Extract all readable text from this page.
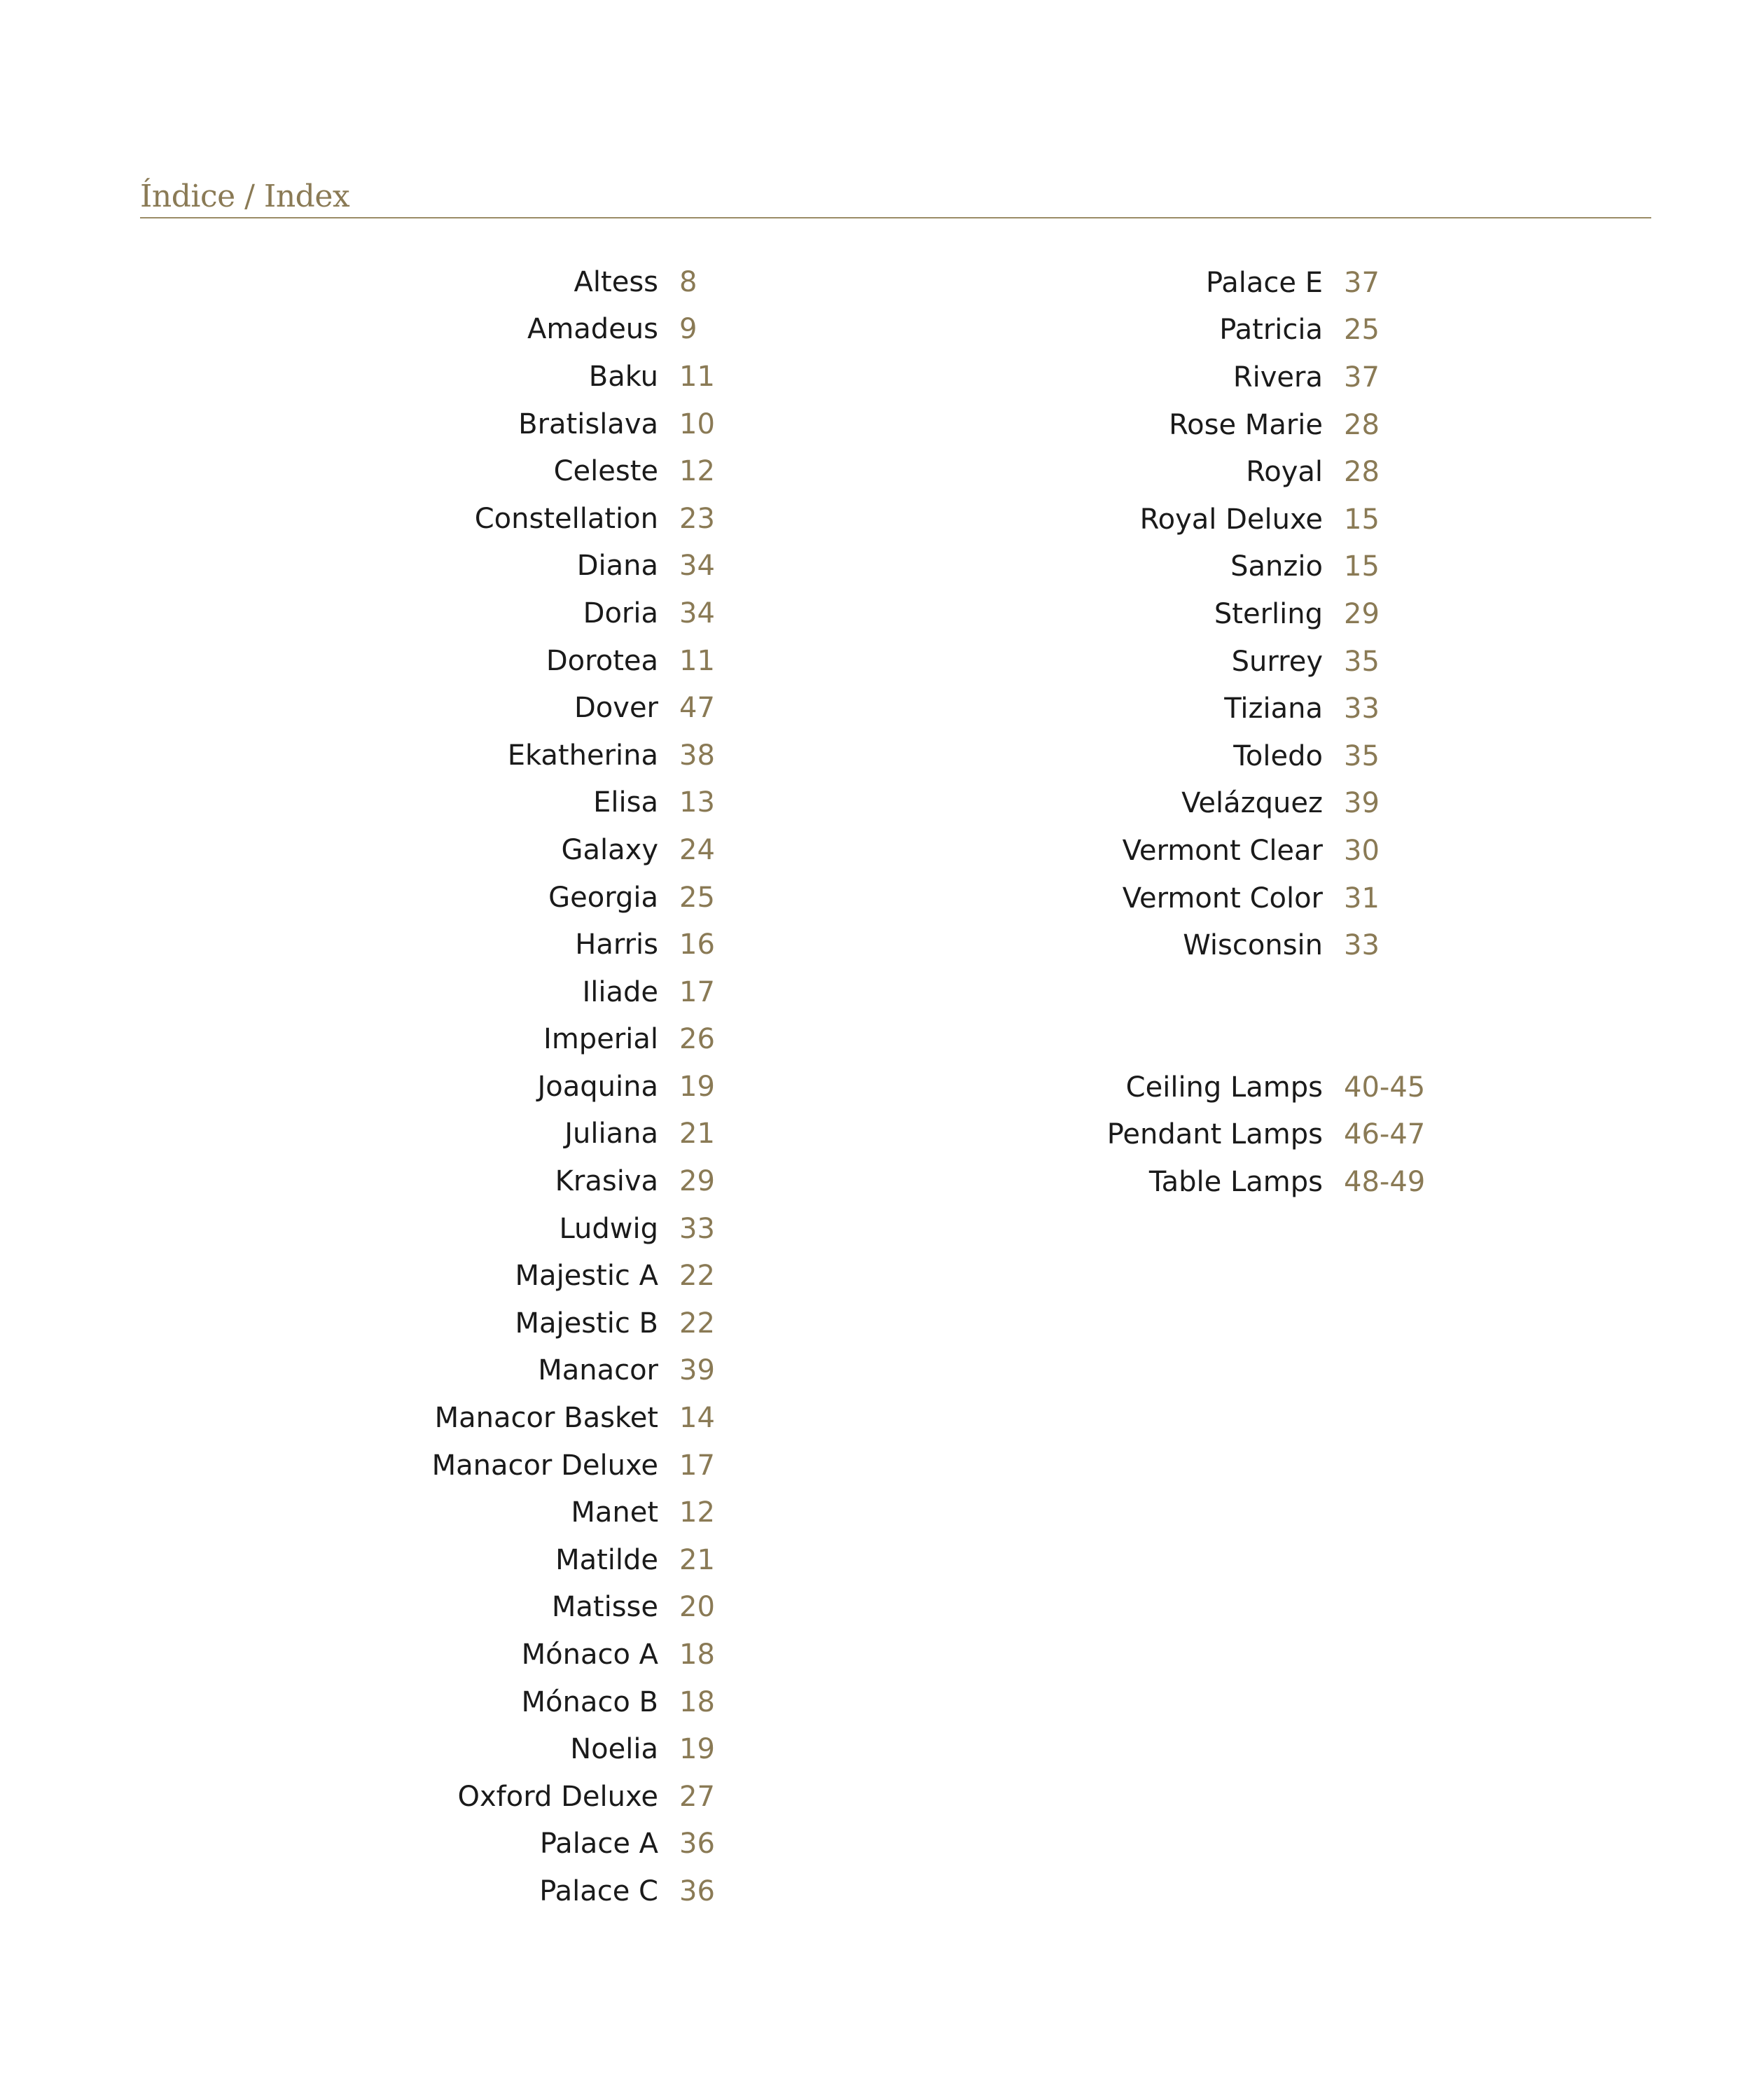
Índice / Index
Altess 8
Amadeus 9
Baku 11
Bratislava 10
Celeste 12
Constellation 23
Diana 34
Doria 34
Dorotea 11
Dover 47
Ekatherina 38
Elisa 13
Galaxy 24
Georgia 25
Harris 16
Iliade 17
Imperial 26
Joaquina 19
Juliana 21
Krasiva 29
Ludwig 33
Majestic A 22
Majestic B 22
Manacor 39
Manacor Basket 14
Manacor Deluxe 17
Manet 12
Matilde 21
Matisse 20
Mónaco A 18
Mónaco B 18
Noelia 19
Oxford Deluxe 27
Palace A 36
Palace C 36
Palace E 37
Patricia 25
Rivera 37
Rose Marie 28
Royal 28
Royal Deluxe 15
Sanzio 15
Sterling 29
Surrey 35
Tiziana 33
Toledo 35
Velázquez 39
Vermont Clear 30
Vermont Color 31
Wisconsin 33
Ceiling Lamps 40-45
Pendant Lamps 46-47
Table Lamps 48-49
